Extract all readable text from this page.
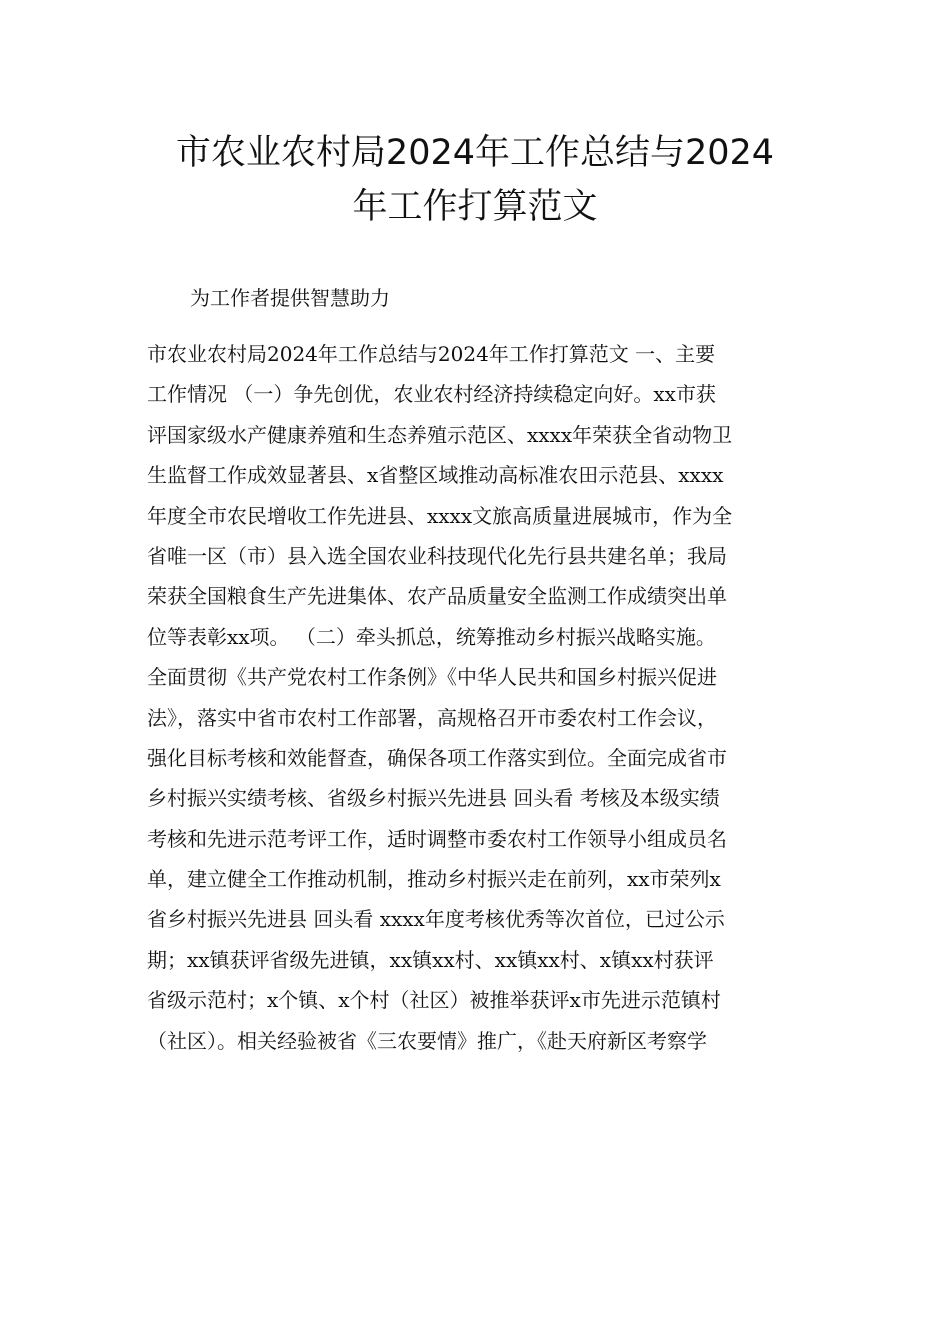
市农业农村局2024年工作总结与2024
年工作打算范文

为工作者提供智慧助力

市农业农村局2024年工作总结与2024年工作打算范文 一、主要
工作情况 （一）争先创优，农业农村经济持续稳定向好。xx市获
评国家级水产健康养殖和生态养殖示范区、xxxx年荣获全省动物卫
生监督工作成效显著县、x省整区域推动高标准农田示范县、xxxx
年度全市农民增收工作先进县、xxxx文旅高质量进展城市，作为全
省唯一区（市）县入选全国农业科技现代化先行县共建名单；我局
荣获全国粮食生产先进集体、农产品质量安全监测工作成绩突出单
位等表彰xx项。 （二）牵头抓总，统筹推动乡村振兴战略实施。
全面贯彻《共产党农村工作条例》《中华人民共和国乡村振兴促进
法》，落实中省市农村工作部署，高规格召开市委农村工作会议，
强化目标考核和效能督查，确保各项工作落实到位。全面完成省市
乡村振兴实绩考核、省级乡村振兴先进县 回头看 考核及本级实绩
考核和先进示范考评工作，适时调整市委农村工作领导小组成员名
单，建立健全工作推动机制，推动乡村振兴走在前列，xx市荣列x
省乡村振兴先进县 回头看 xxxx年度考核优秀等次首位，已过公示
期；xx镇获评省级先进镇，xx镇xx村、xx镇xx村、x镇xx村获评
省级示范村；x个镇、x个村（社区）被推举获评x市先进示范镇村
（社区）。相关经验被省《三农要情》推广，《赴天府新区考察学
